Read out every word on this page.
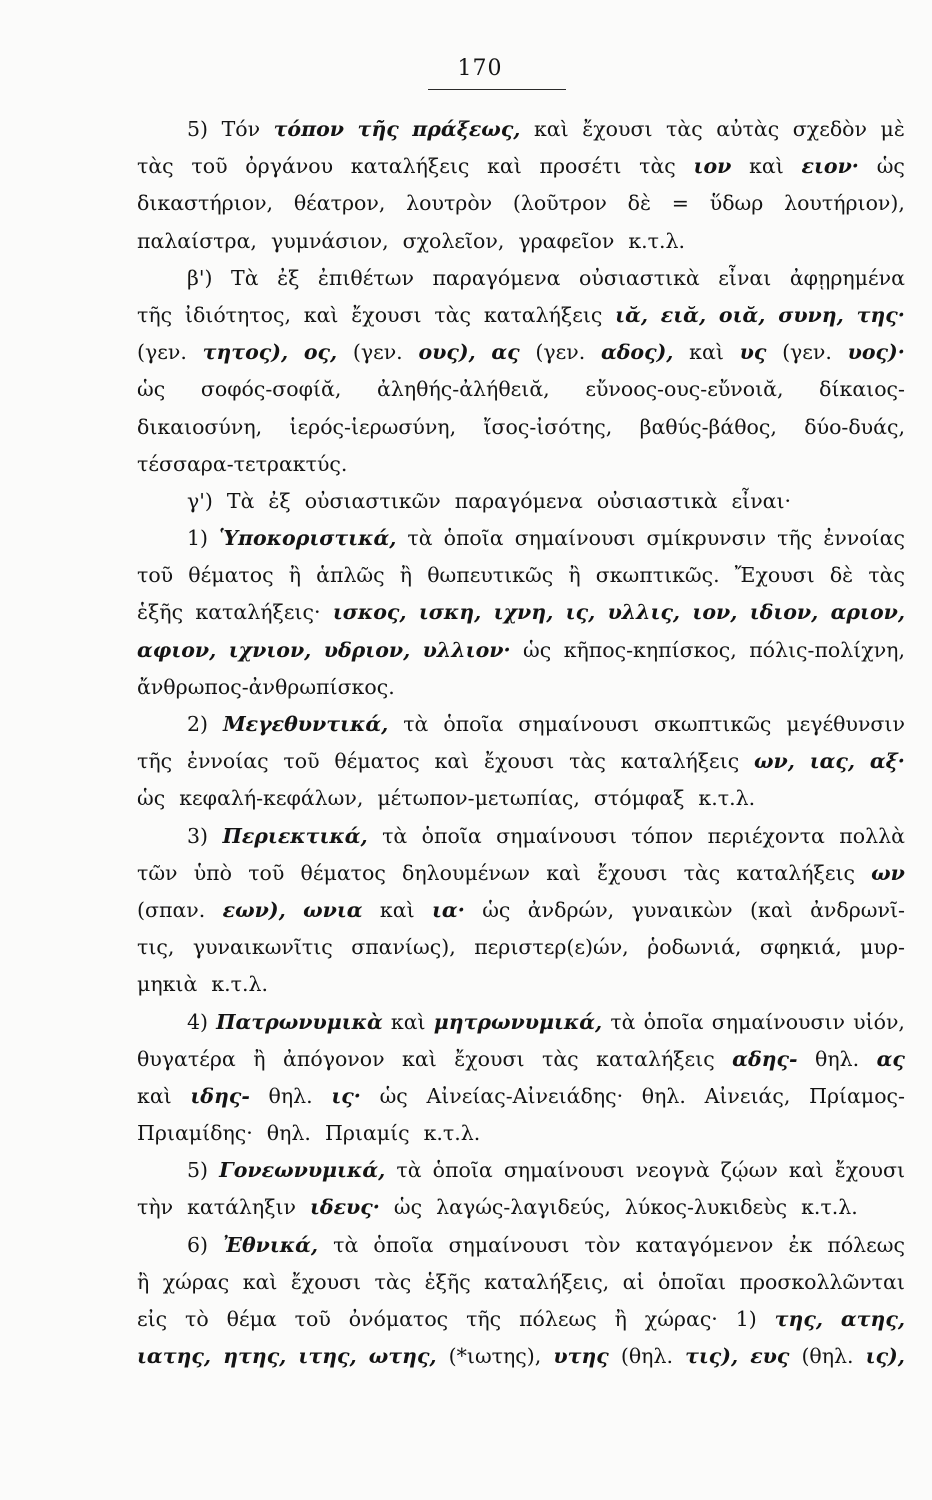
170
5) Τόν τόπον τῆς πράξεως, καὶ ἔχουσι τὰς αὐτὰς σχεδὸν μὲ
τὰς τοῦ ὀργάνου καταλήξεις καὶ προσέτι τὰς ιον καὶ ειον· ὡς
δικαστήριον, θέατρον, λουτρὸν (λοῦτρον δὲ = ὕδωρ λουτήριον),
παλαίστρα, γυμνάσιον, σχολεῖον, γραφεῖον κ.τ.λ.
β') Τὰ ἐξ ἐπιθέτων παραγόμενα οὐσιαστικὰ εἶναι ἀφῃρημένα
τῆς ἰδιότητος, καὶ ἔχουσι τὰς καταλήξεις ιᾰ, ειᾰ, οιᾰ, συνη, της·
(γεν. τητος), ος, (γεν. ους), ας (γεν. αδος), καὶ υς (γεν. υος)·
ὡς σοφός-σοφίᾰ, ἀληθής-ἀλήθειᾰ, εὔνοος-ους-εὔνοιᾰ, δίκαιος-
δικαιοσύνη, ἱερός-ἱερωσύνη, ἴσος-ἰσότης, βαθύς-βάθος, δύο-δυάς,
τέσσαρα-τετρακτύς.
γ') Τὰ ἐξ οὐσιαστικῶν παραγόμενα οὐσιαστικὰ εἶναι·
1) Ὑποκοριστικά, τὰ ὁποῖα σημαίνουσι σμίκρυνσιν τῆς ἐννοίας
τοῦ θέματος ἢ ἁπλῶς ἢ θωπευτικῶς ἢ σκωπτικῶς. Ἔχουσι δὲ τὰς
ἑξῆς καταλήξεις· ισκος, ισκη, ιχνη, ις, υλλις, ιον, ιδιον, αριον,
αφιον, ιχνιον, υδριον, υλλιον· ὡς κῆπος-κηπίσκος, πόλις-πολίχνη,
ἄνθρωπος-ἀνθρωπίσκος.
2) Μεγεθυντικά, τὰ ὁποῖα σημαίνουσι σκωπτικῶς μεγέθυνσιν
τῆς ἐννοίας τοῦ θέματος καὶ ἔχουσι τὰς καταλήξεις ων, ιας, αξ·
ὡς κεφαλή-κεφάλων, μέτωπον-μετωπίας, στόμφαξ κ.τ.λ.
3) Περιεκτικά, τὰ ὁποῖα σημαίνουσι τόπον περιέχοντα πολλὰ
τῶν ὑπὸ τοῦ θέματος δηλουμένων καὶ ἔχουσι τὰς καταλήξεις ων
(σπαν. εων), ωνια καὶ ια· ὡς ἀνδρών, γυναικὼν (καὶ ἀνδρωνῖ-
τις, γυναικωνῖτις σπανίως), περιστερ(ε)ών, ῥοδωνιά, σφηκιά, μυρ-
μηκιὰ κ.τ.λ.
4) Πατρωνυμικὰ καὶ μητρωνυμικά, τὰ ὁποῖα σημαίνουσιν υἱόν,
θυγατέρα ἢ ἀπόγονον καὶ ἔχουσι τὰς καταλήξεις αδης- θηλ. ας
καὶ ιδης- θηλ. ις· ὡς Αἰνείας-Αἰνειάδης· θηλ. Αἰνειάς, Πρίαμος-
Πριαμίδης· θηλ. Πριαμίς κ.τ.λ.
5) Γονεωνυμικά, τὰ ὁποῖα σημαίνουσι νεογνὰ ζῴων καὶ ἔχουσι
τὴν κατάληξιν ιδευς· ὡς λαγώς-λαγιδεύς, λύκος-λυκιδεὺς κ.τ.λ.
6) Ἐθνικά, τὰ ὁποῖα σημαίνουσι τὸν καταγόμενον ἐκ πόλεως
ἢ χώρας καὶ ἔχουσι τὰς ἑξῆς καταλήξεις, αἱ ὁποῖαι προσκολλῶνται
εἰς τὸ θέμα τοῦ ὀνόματος τῆς πόλεως ἢ χώρας· 1) της, ατης,
ιατης, ητης, ιτης, ωτης, (*ιωτης), υτης (θηλ. τις), ευς (θηλ. ις),
